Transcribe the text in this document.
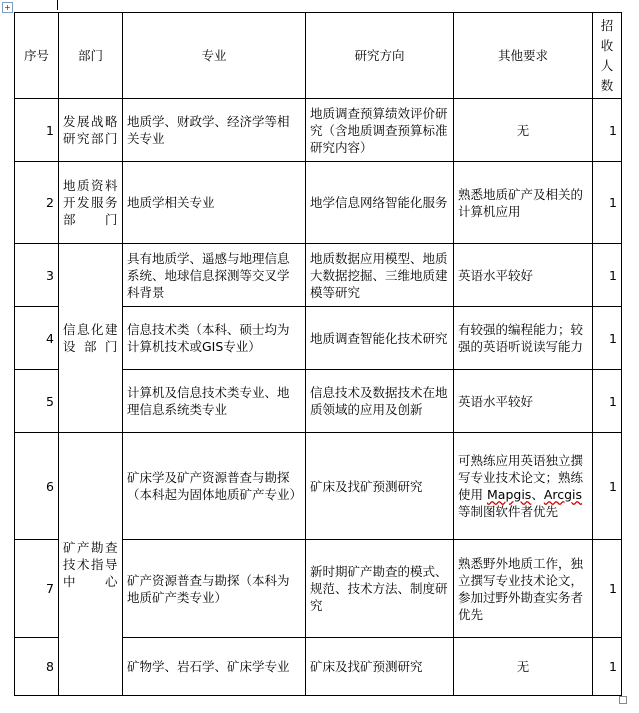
+
序号	部门	专业	研究方向	其他要求	招收人数
1	发展战略研究部门	地质学、财政学、经济学等相关专业	地质调查预算绩效评价研究（含地质调查预算标准研究内容）	无	1
2	地质资料开发服务部门	地质学相关专业	地学信息网络智能化服务	熟悉地质矿产及相关的计算机应用	1
3	信息化建设部门	具有地质学、遥感与地理信息系统、地球信息探测等交叉学科背景	地质数据应用模型、地质大数据挖掘、三维地质建模等研究	英语水平较好	1
4		信息技术类（本科、硕士均为计算机技术或GIS专业）	地质调查智能化技术研究	有较强的编程能力；较强的英语听说读写能力	1
5		计算机及信息技术类专业、地理信息系统类专业	信息技术及数据技术在地质领域的应用及创新	英语水平较好	1
6	矿产勘查技术指导中心	矿床学及矿产资源普查与勘探（本科起为固体地质矿产专业）	矿床及找矿预测研究	可熟练应用英语独立撰写专业技术论文；熟练使用 Mapgis、Arcgis等制图软件者优先	1
7		矿产资源普查与勘探（本科为地质矿产类专业）	新时期矿产勘查的模式、规范、技术方法、制度研究	熟悉野外地质工作，独立撰写专业技术论文，参加过野外勘查实务者优先	1
8		矿物学、岩石学、矿床学专业	矿床及找矿预测研究	无	1
